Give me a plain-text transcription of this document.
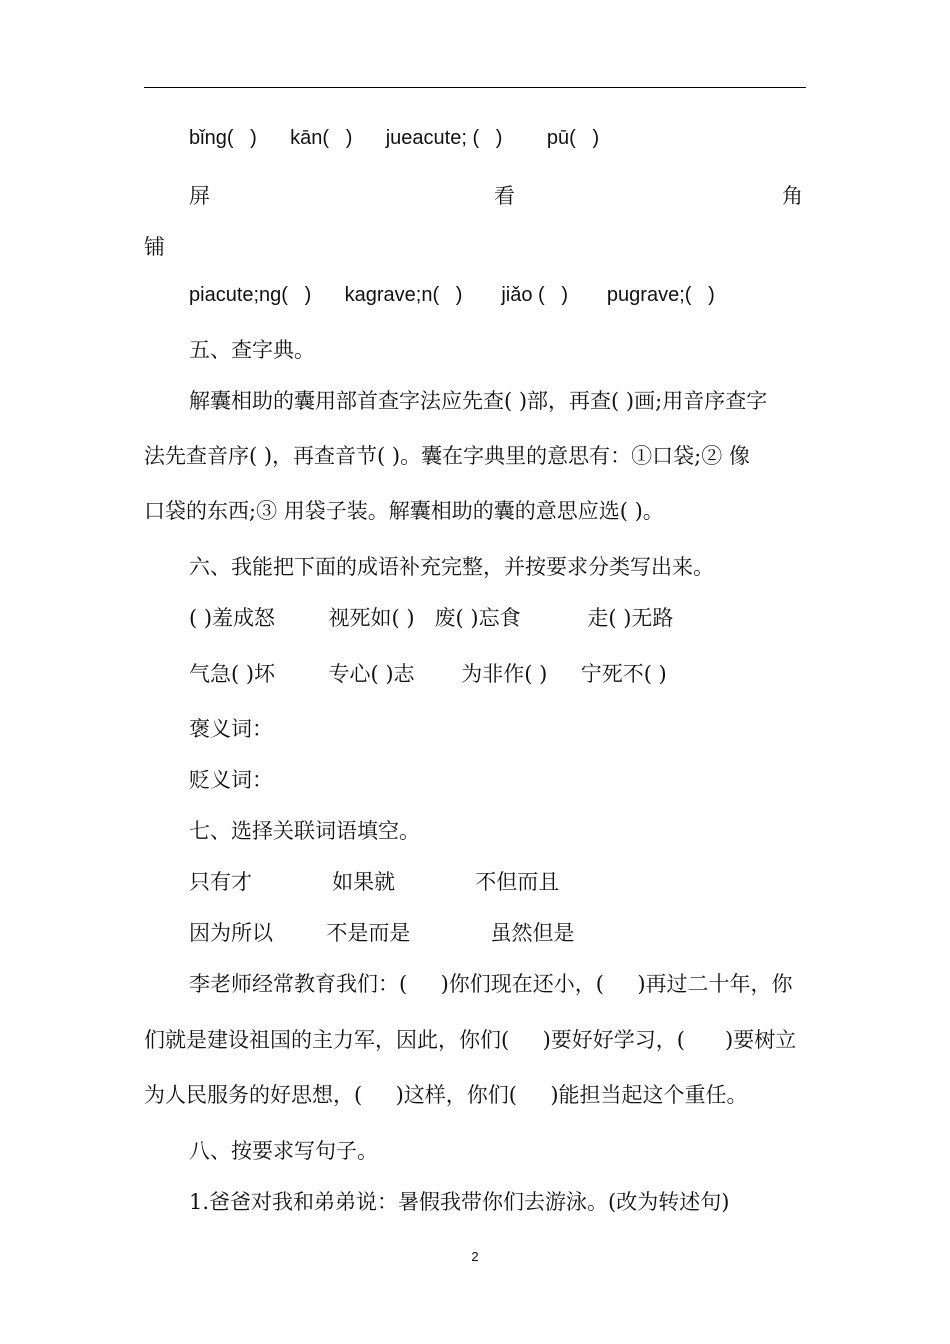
bǐng(   )      kān(   )      jueacute; (   )        pū(   )
屏	看	角
铺
piacute;ng(   )      kagrave;n(   )       jiǎo (   )       pugrave;(   )
五、查字典。
解囊相助的囊用部首查字法应先查( )部，再查( )画;用音序查字
法先查音序( )，再查音节( )。囊在字典里的意思有：①口袋;② 像
口袋的东西;③ 用袋子装。解囊相助的囊的意思应选( )。
六、我能把下面的成语补充完整，并按要求分类写出来。
( )羞成怒        视死如( )   废( )忘食          走( )无路
气急( )坏        专心( )志       为非作( )     宁死不( )
褒义词：
贬义词：
七、选择关联词语填空。
只有才            如果就            不但而且
因为所以        不是而是            虽然但是
李老师经常教育我们：(     )你们现在还小，(     )再过二十年，你
们就是建设祖国的主力军，因此，你们(     )要好好学习，(      )要树立
为人民服务的好思想，(     )这样，你们(     )能担当起这个重任。
八、按要求写句子。
1.爸爸对我和弟弟说：暑假我带你们去游泳。(改为转述句)
2
